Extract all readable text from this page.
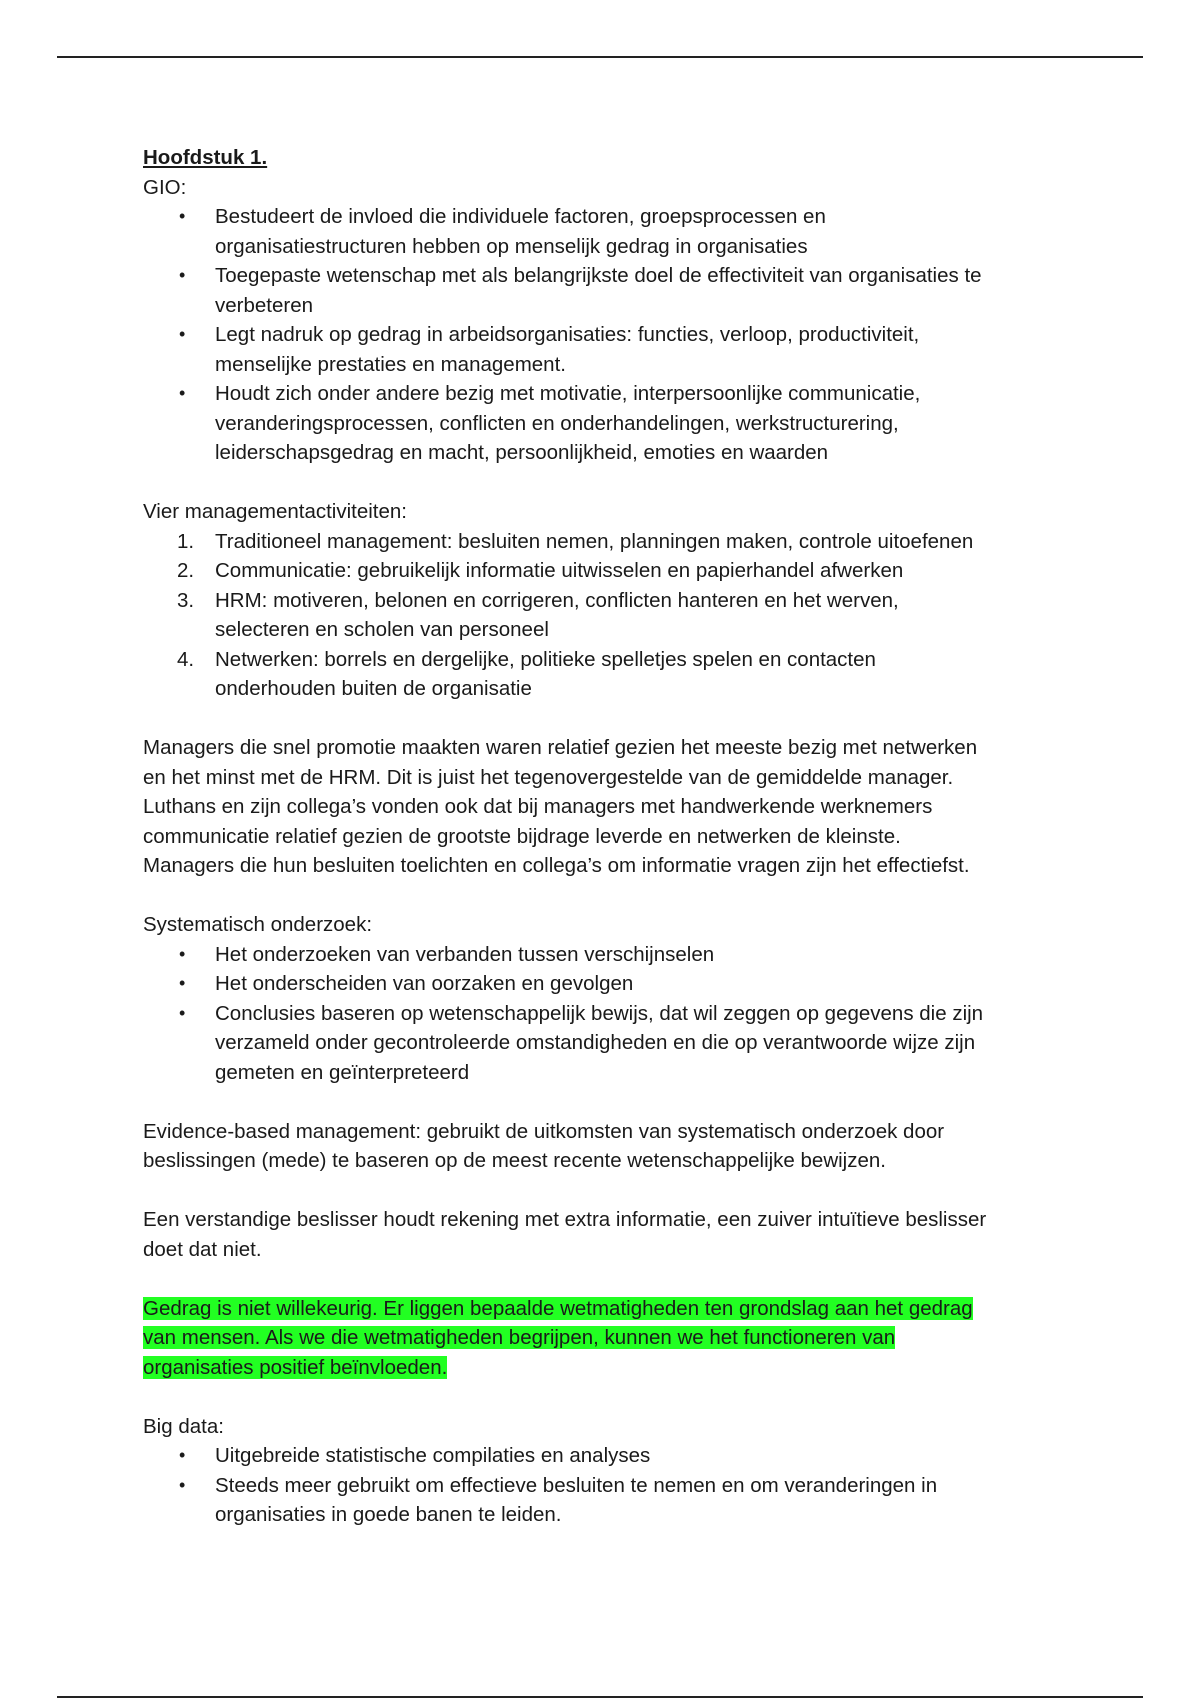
Hoofdstuk 1.
GIO:
• Bestudeert de invloed die individuele factoren, groepsprocessen en
organisatiestructuren hebben op menselijk gedrag in organisaties
• Toegepaste wetenschap met als belangrijkste doel de effectiviteit van organisaties te
verbeteren
• Legt nadruk op gedrag in arbeidsorganisaties: functies, verloop, productiviteit,
menselijke prestaties en management.
• Houdt zich onder andere bezig met motivatie, interpersoonlijke communicatie,
veranderingsprocessen, conflicten en onderhandelingen, werkstructurering,
leiderschapsgedrag en macht, persoonlijkheid, emoties en waarden
Vier managementactiviteiten:
1. Traditioneel management: besluiten nemen, planningen maken, controle uitoefenen
2. Communicatie: gebruikelijk informatie uitwisselen en papierhandel afwerken
3. HRM: motiveren, belonen en corrigeren, conflicten hanteren en het werven,
selecteren en scholen van personeel
4. Netwerken: borrels en dergelijke, politieke spelletjes spelen en contacten
onderhouden buiten de organisatie
Managers die snel promotie maakten waren relatief gezien het meeste bezig met netwerken
en het minst met de HRM. Dit is juist het tegenovergestelde van de gemiddelde manager.
Luthans en zijn collega’s vonden ook dat bij managers met handwerkende werknemers
communicatie relatief gezien de grootste bijdrage leverde en netwerken de kleinste.
Managers die hun besluiten toelichten en collega’s om informatie vragen zijn het effectiefst.
Systematisch onderzoek:
• Het onderzoeken van verbanden tussen verschijnselen
• Het onderscheiden van oorzaken en gevolgen
• Conclusies baseren op wetenschappelijk bewijs, dat wil zeggen op gegevens die zijn
verzameld onder gecontroleerde omstandigheden en die op verantwoorde wijze zijn
gemeten en geïnterpreteerd
Evidence-based management: gebruikt de uitkomsten van systematisch onderzoek door
beslissingen (mede) te baseren op de meest recente wetenschappelijke bewijzen.
Een verstandige beslisser houdt rekening met extra informatie, een zuiver intuïtieve beslisser
doet dat niet.
Gedrag is niet willekeurig. Er liggen bepaalde wetmatigheden ten grondslag aan het gedrag
van mensen. Als we die wetmatigheden begrijpen, kunnen we het functioneren van
organisaties positief beïnvloeden.
Big data:
• Uitgebreide statistische compilaties en analyses
• Steeds meer gebruikt om effectieve besluiten te nemen en om veranderingen in
organisaties in goede banen te leiden.
